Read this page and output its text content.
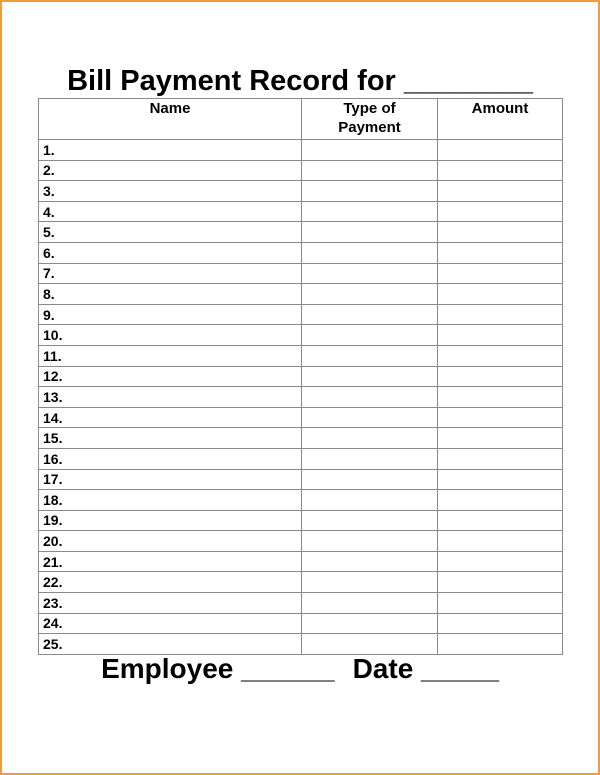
Bill Payment Record for ________
Name	Type of Payment	Amount
1.		
2.		
3.		
4.		
5.		
6.		
7.		
8.		
9.		
10.		
11.		
12.		
13.		
14.		
15.		
16.		
17.		
18.		
19.		
20.		
21.		
22.		
23.		
24.		
25.		
Employee ______ Date _____
